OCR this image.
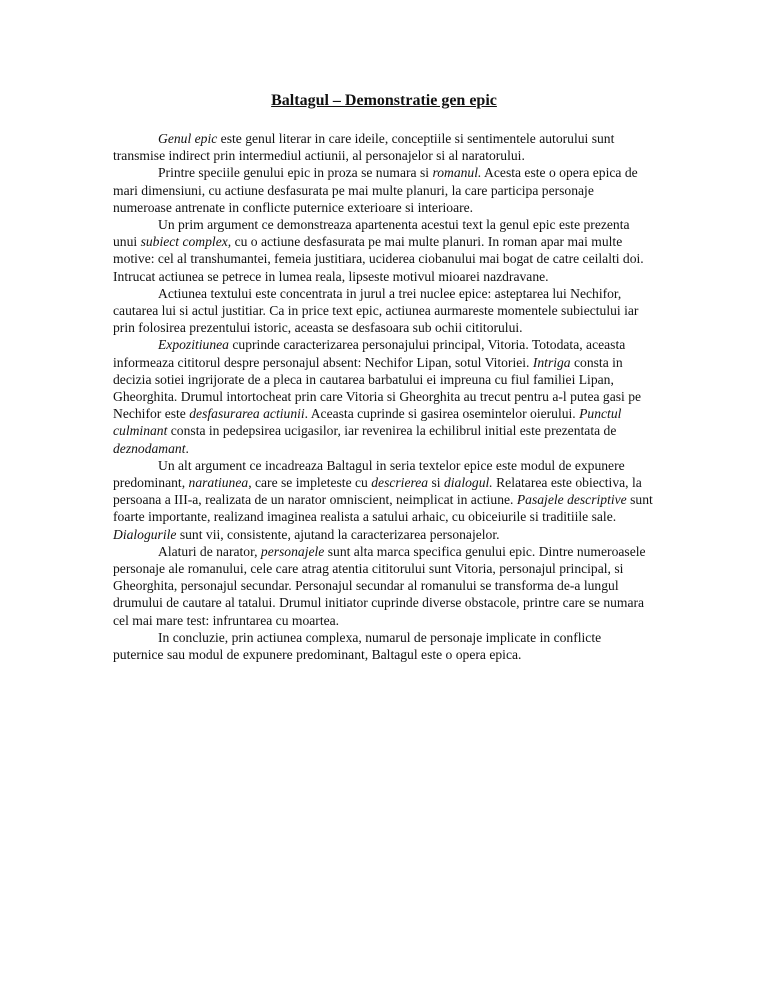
Baltagul – Demonstratie gen epic

Genul epic este genul literar in care ideile, conceptiile si sentimentele autorului sunt transmise indirect prin intermediul actiunii, al personajelor si al naratorului.

Printre speciile genului epic in proza se numara si romanul. Acesta este o opera epica de mari dimensiuni, cu actiune desfasurata pe mai multe planuri, la care participa personaje numeroase antrenate in conflicte puternice exterioare si interioare.

Un prim argument ce demonstreaza apartenenta acestui text la genul epic este prezenta unui subiect complex, cu o actiune desfasurata pe mai multe planuri. In roman apar mai multe motive: cel al transhumantei, femeia justitiara, uciderea ciobanului mai bogat de catre ceilalti doi. Intrucat actiunea se petrece in lumea reala, lipseste motivul mioarei nazdravane.

Actiunea textului este concentrata in jurul a trei nuclee epice: asteptarea lui Nechifor, cautarea lui si actul justitiar. Ca in price text epic, actiunea aurmareste momentele subiectului iar prin folosirea prezentului istoric, aceasta se desfasoara sub ochii cititorului.

Expozitiunea cuprinde caracterizarea personajului principal, Vitoria. Totodata, aceasta informeaza cititorul despre personajul absent: Nechifor Lipan, sotul Vitoriei. Intriga consta in decizia sotiei ingrijorate de a pleca in cautarea barbatului ei impreuna cu fiul familiei Lipan, Gheorghita. Drumul intortocheat prin care Vitoria si Gheorghita au trecut pentru a-l putea gasi pe Nechifor este desfasurarea actiunii. Aceasta cuprinde si gasirea osemintelor oierului. Punctul culminant consta in pedepsirea ucigasilor, iar revenirea la echilibrul initial este prezentata de deznodamant.

Un alt argument ce incadreaza Baltagul in seria textelor epice este modul de expunere predominant, naratiunea, care se impleteste cu descrierea si dialogul. Relatarea este obiectiva, la persoana a III-a, realizata de un narator omniscient, neimplicat in actiune. Pasajele descriptive sunt foarte importante, realizand imaginea realista a satului arhaic, cu obiceiurile si traditiile sale. Dialogurile sunt vii, consistente, ajutand la caracterizarea personajelor.

Alaturi de narator, personajele sunt alta marca specifica genului epic. Dintre numeroasele personaje ale romanului, cele care atrag atentia cititorului sunt Vitoria, personajul principal, si Gheorghita, personajul secundar. Personajul secundar al romanului se transforma de-a lungul drumului de cautare al tatalui. Drumul initiator cuprinde diverse obstacole, printre care se numara cel mai mare test: infruntarea cu moartea.

In concluzie, prin actiunea complexa, numarul de personaje implicate in conflicte puternice sau modul de expunere predominant, Baltagul este o opera epica.
